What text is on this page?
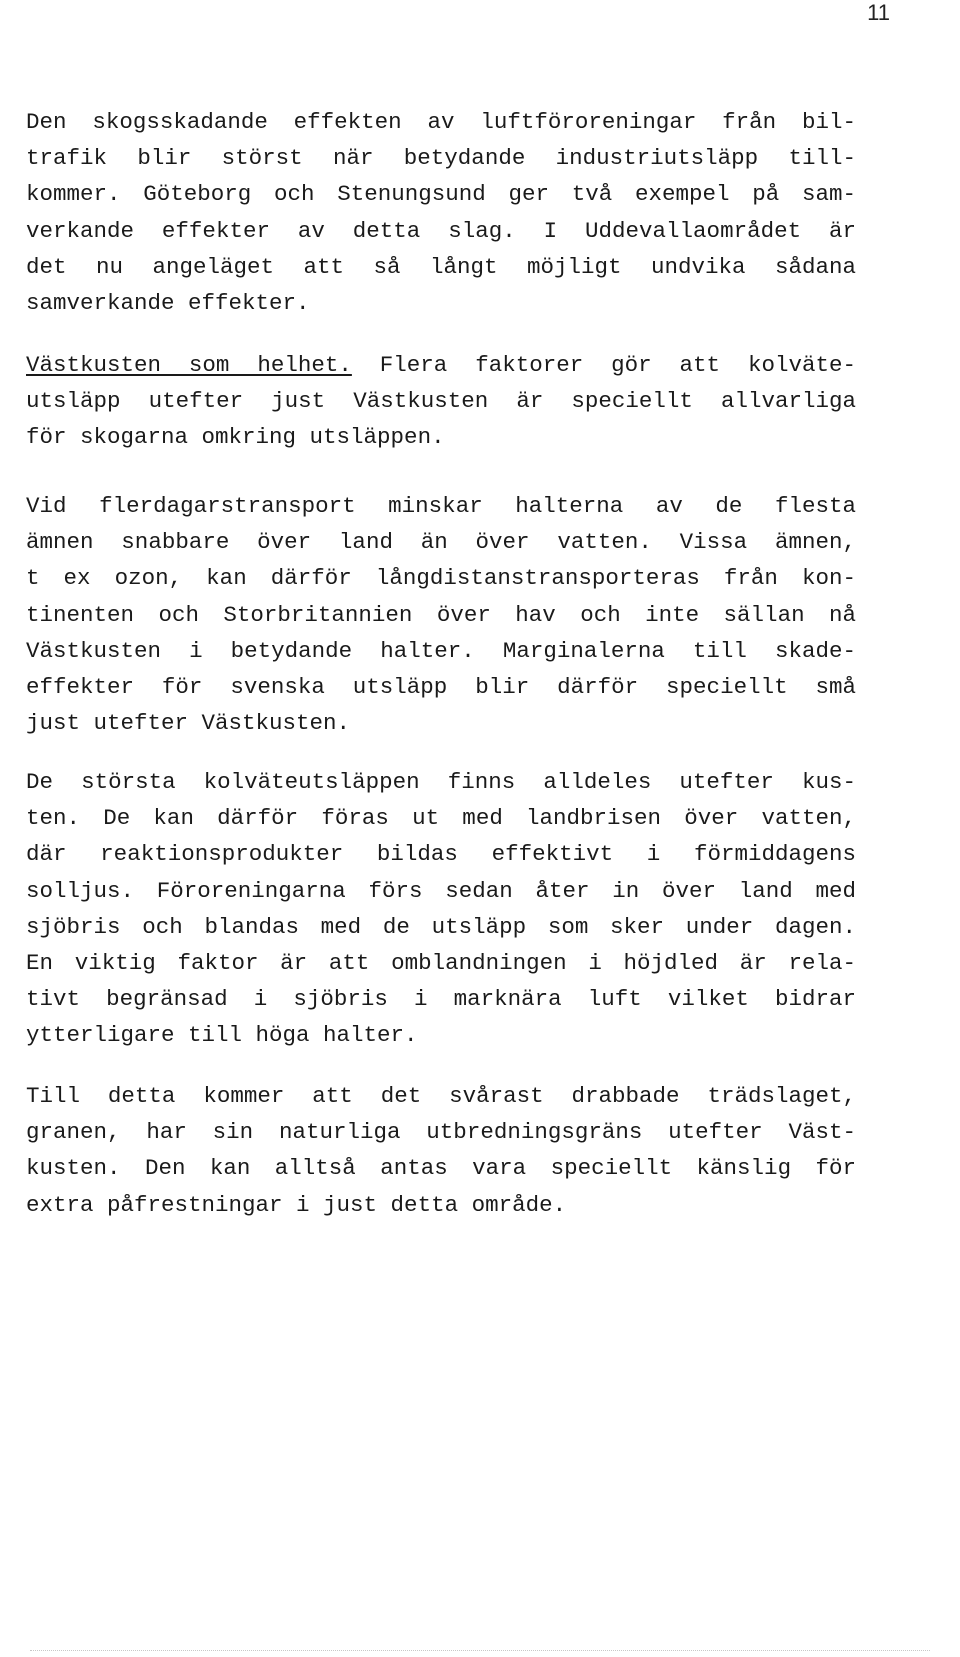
11
Den skogsskadande effekten av luftföroreningar från bil-
trafik blir störst när betydande industriutsläpp till-
kommer. Göteborg och Stenungsund ger två exempel på sam-
verkande effekter av detta slag. I Uddevallaområdet är
det nu angeläget att så långt möjligt undvika sådana
samverkande effekter.
Västkusten som helhet. Flera faktorer gör att kolväte-
utsläpp utefter just Västkusten är speciellt allvarliga
för skogarna omkring utsläppen.
Vid flerdagarstransport minskar halterna av de flesta
ämnen snabbare över land än över vatten. Vissa ämnen,
t ex ozon, kan därför långdistanstransporteras från kon-
tinenten och Storbritannien över hav och inte sällan nå
Västkusten i betydande halter. Marginalerna till skade-
effekter för svenska utsläpp blir därför speciellt små
just utefter Västkusten.
De största kolväteutsläppen finns alldeles utefter kus-
ten. De kan därför föras ut med landbrisen över vatten,
där reaktionsprodukter bildas effektivt i förmiddagens
solljus. Föroreningarna förs sedan åter in över land med
sjöbris och blandas med de utsläpp som sker under dagen.
En viktig faktor är att omblandningen i höjdled är rela-
tivt begränsad i sjöbris i marknära luft vilket bidrar
ytterligare till höga halter.
Till detta kommer att det svårast drabbade trädslaget,
granen, har sin naturliga utbredningsgräns utefter Väst-
kusten. Den kan alltså antas vara speciellt känslig för
extra påfrestningar i just detta område.
